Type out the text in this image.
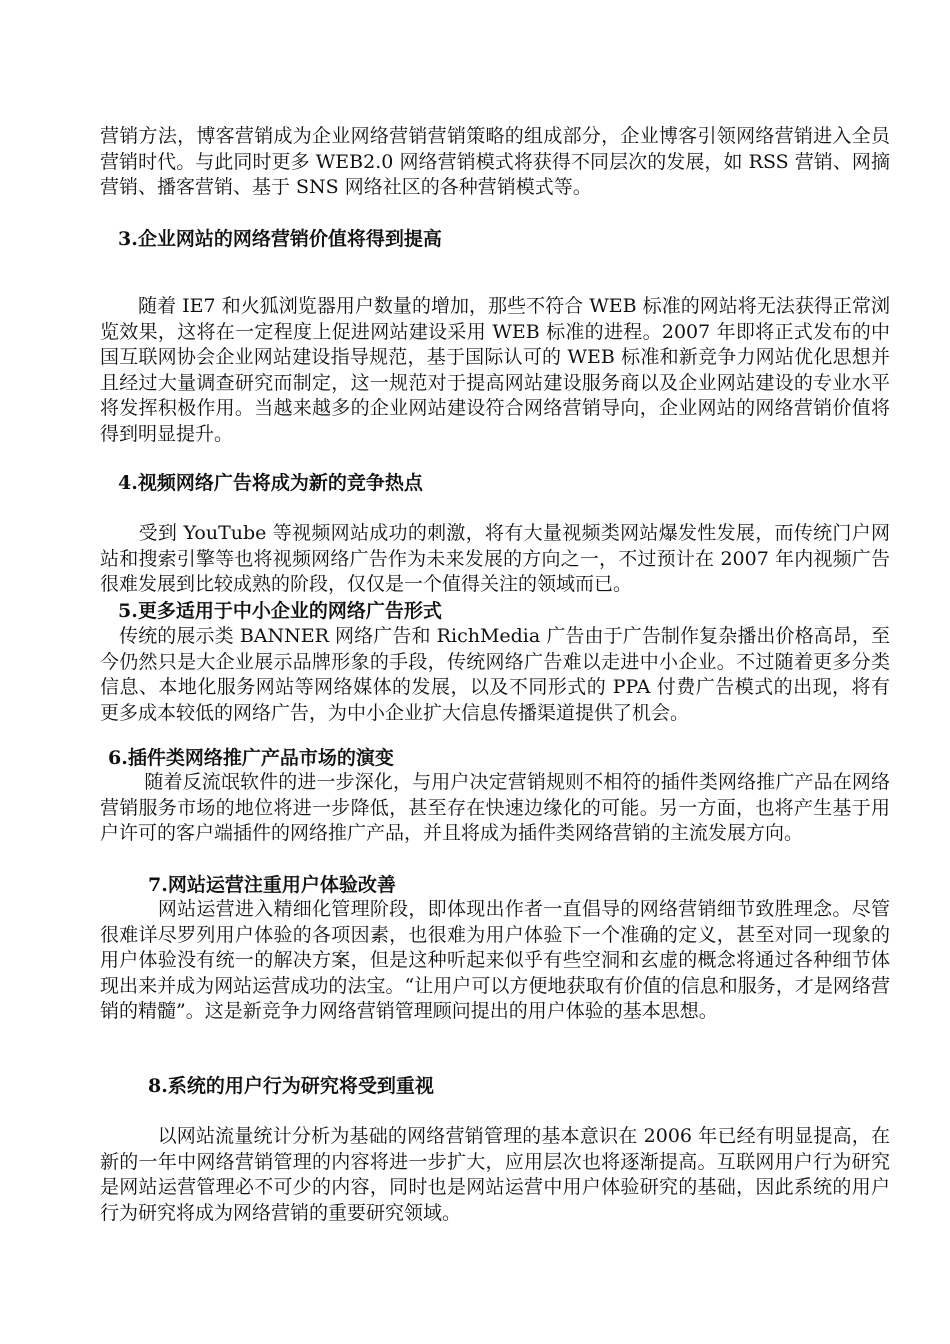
营销方法，博客营销成为企业网络营销营销策略的组成部分，企业博客引领网络营销进入全员营销时代。与此同时更多 WEB2.0 网络营销模式将获得不同层次的发展，如 RSS 营销、网摘营销、播客营销、基于 SNS 网络社区的各种营销模式等。

3.企业网站的网络营销价值将得到提高

　　随着 IE7 和火狐浏览器用户数量的增加，那些不符合 WEB 标准的网站将无法获得正常浏览效果，这将在一定程度上促进网站建设采用 WEB 标准的进程。2007 年即将正式发布的中国互联网协会企业网站建设指导规范，基于国际认可的 WEB 标准和新竞争力网站优化思想并且经过大量调查研究而制定，这一规范对于提高网站建设服务商以及企业网站建设的专业水平将发挥积极作用。当越来越多的企业网站建设符合网络营销导向，企业网站的网络营销价值将得到明显提升。

4.视频网络广告将成为新的竞争热点

　　受到 YouTube 等视频网站成功的刺激，将有大量视频类网站爆发性发展，而传统门户网站和搜索引擎等也将视频网络广告作为未来发展的方向之一，不过预计在 2007 年内视频广告很难发展到比较成熟的阶段，仅仅是一个值得关注的领域而已。

5.更多适用于中小企业的网络广告形式

　传统的展示类 BANNER 网络广告和 RichMedia 广告由于广告制作复杂播出价格高昂，至今仍然只是大企业展示品牌形象的手段，传统网络广告难以走进中小企业。不过随着更多分类信息、本地化服务网站等网络媒体的发展，以及不同形式的 PPA 付费广告模式的出现，将有更多成本较低的网络广告，为中小企业扩大信息传播渠道提供了机会。

6.插件类网络推广产品市场的演变

　　 随着反流氓软件的进一步深化，与用户决定营销规则不相符的插件类网络推广产品在网络营销服务市场的地位将进一步降低，甚至存在快速边缘化的可能。另一方面，也将产生基于用户许可的客户端插件的网络推广产品，并且将成为插件类网络营销的主流发展方向。

7.网站运营注重用户体验改善

　　　网站运营进入精细化管理阶段，即体现出作者一直倡导的网络营销细节致胜理念。尽管很难详尽罗列用户体验的各项因素，也很难为用户体验下一个准确的定义，甚至对同一现象的用户体验没有统一的解决方案，但是这种听起来似乎有些空洞和玄虚的概念将通过各种细节体现出来并成为网站运营成功的法宝。“让用户可以方便地获取有价值的信息和服务，才是网络营销的精髓”。这是新竞争力网络营销管理顾问提出的用户体验的基本思想。

8.系统的用户行为研究将受到重视

　　　以网站流量统计分析为基础的网络营销管理的基本意识在 2006 年已经有明显提高，在新的一年中网络营销管理的内容将进一步扩大，应用层次也将逐渐提高。互联网用户行为研究是网站运营管理必不可少的内容，同时也是网站运营中用户体验研究的基础，因此系统的用户行为研究将成为网络营销的重要研究领域。
